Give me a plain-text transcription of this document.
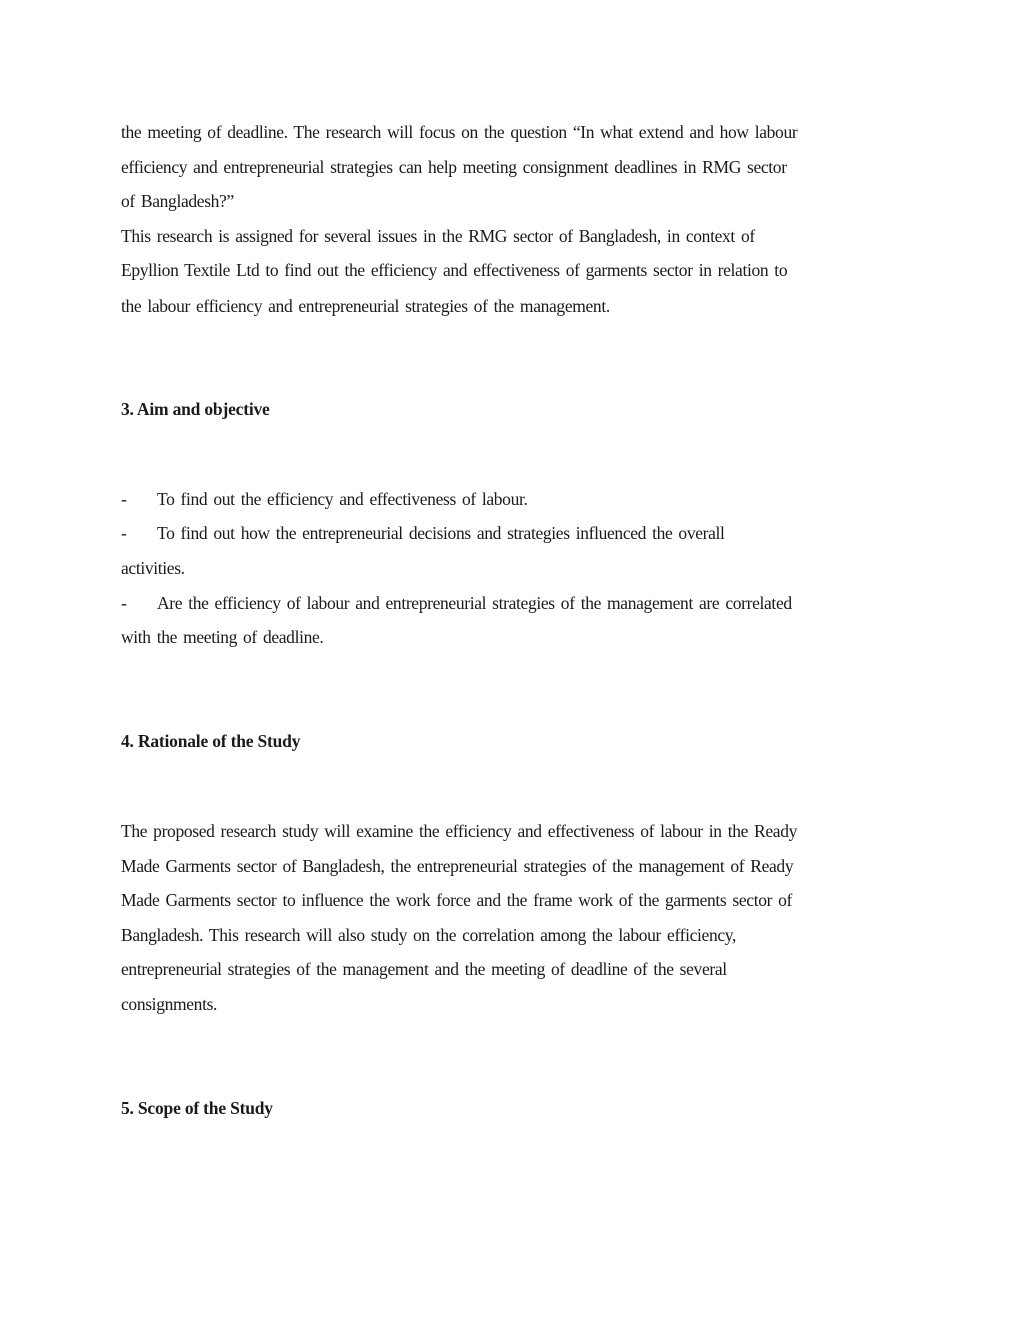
the meeting of deadline. The research will focus on the question “In what extend and how labour
efficiency and entrepreneurial strategies can help meeting consignment deadlines in RMG sector
of Bangladesh?”
This research is assigned for several issues in the RMG sector of Bangladesh, in context of
Epyllion Textile Ltd to find out the efficiency and effectiveness of garments sector in relation to
the labour efficiency and entrepreneurial strategies of the management.
3. Aim and objective
- To find out the efficiency and effectiveness of labour.
- To find out how the entrepreneurial decisions and strategies influenced the overall
activities.
- Are the efficiency of labour and entrepreneurial strategies of the management are correlated
with the meeting of deadline.
4. Rationale of the Study
The proposed research study will examine the efficiency and effectiveness of labour in the Ready
Made Garments sector of Bangladesh, the entrepreneurial strategies of the management of Ready
Made Garments sector to influence the work force and the frame work of the garments sector of
Bangladesh. This research will also study on the correlation among the labour efficiency,
entrepreneurial strategies of the management and the meeting of deadline of the several
consignments.
5. Scope of the Study
